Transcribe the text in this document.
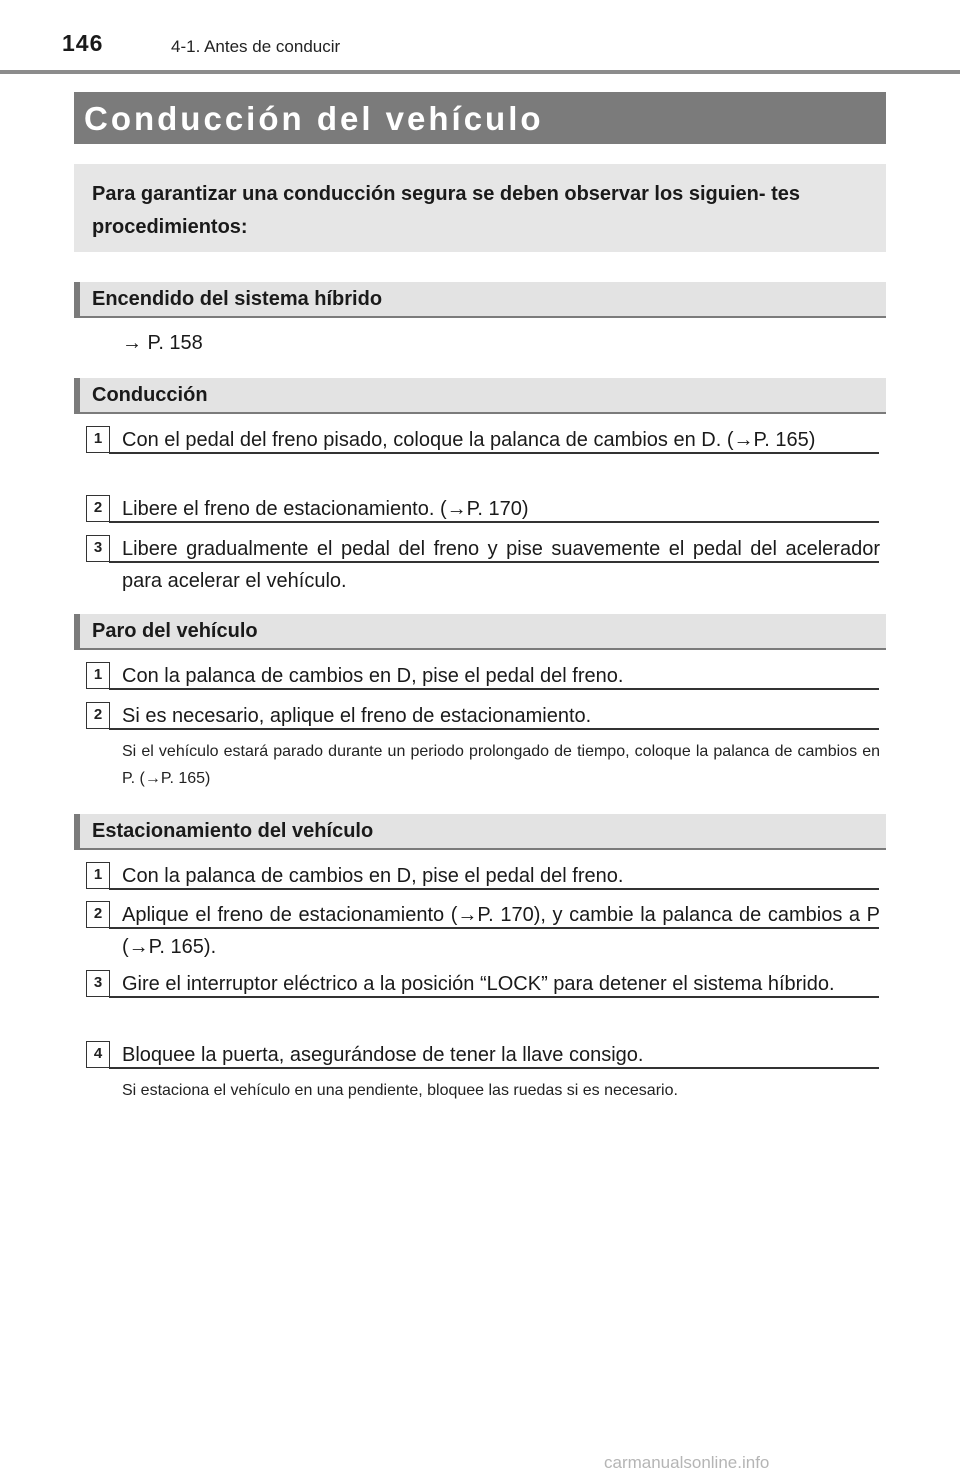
146	4-1. Antes de conducir
Conducción del vehículo
Para garantizar una conducción segura se deben observar los siguien- tes procedimientos:
Encendido del sistema híbrido
→ P. 158
Conducción
1 Con el pedal del freno pisado, coloque la palanca de cambios en D. (→P. 165)
2 Libere el freno de estacionamiento. (→P. 170)
3 Libere gradualmente el pedal del freno y pise suavemente el pedal del acelerador para acelerar el vehículo.
Paro del vehículo
1 Con la palanca de cambios en D, pise el pedal del freno.
2 Si es necesario, aplique el freno de estacionamiento.
Si el vehículo estará parado durante un periodo prolongado de tiempo, coloque la palanca de cambios en P. (→P. 165)
Estacionamiento del vehículo
1 Con la palanca de cambios en D, pise el pedal del freno.
2 Aplique el freno de estacionamiento (→P. 170), y cambie la palanca de cambios a P (→P. 165).
3 Gire el interruptor eléctrico a la posición “LOCK” para detener el sistema híbrido.
4 Bloquee la puerta, asegurándose de tener la llave consigo.
Si estaciona el vehículo en una pendiente, bloquee las ruedas si es necesario.
carmanualsonline.info
